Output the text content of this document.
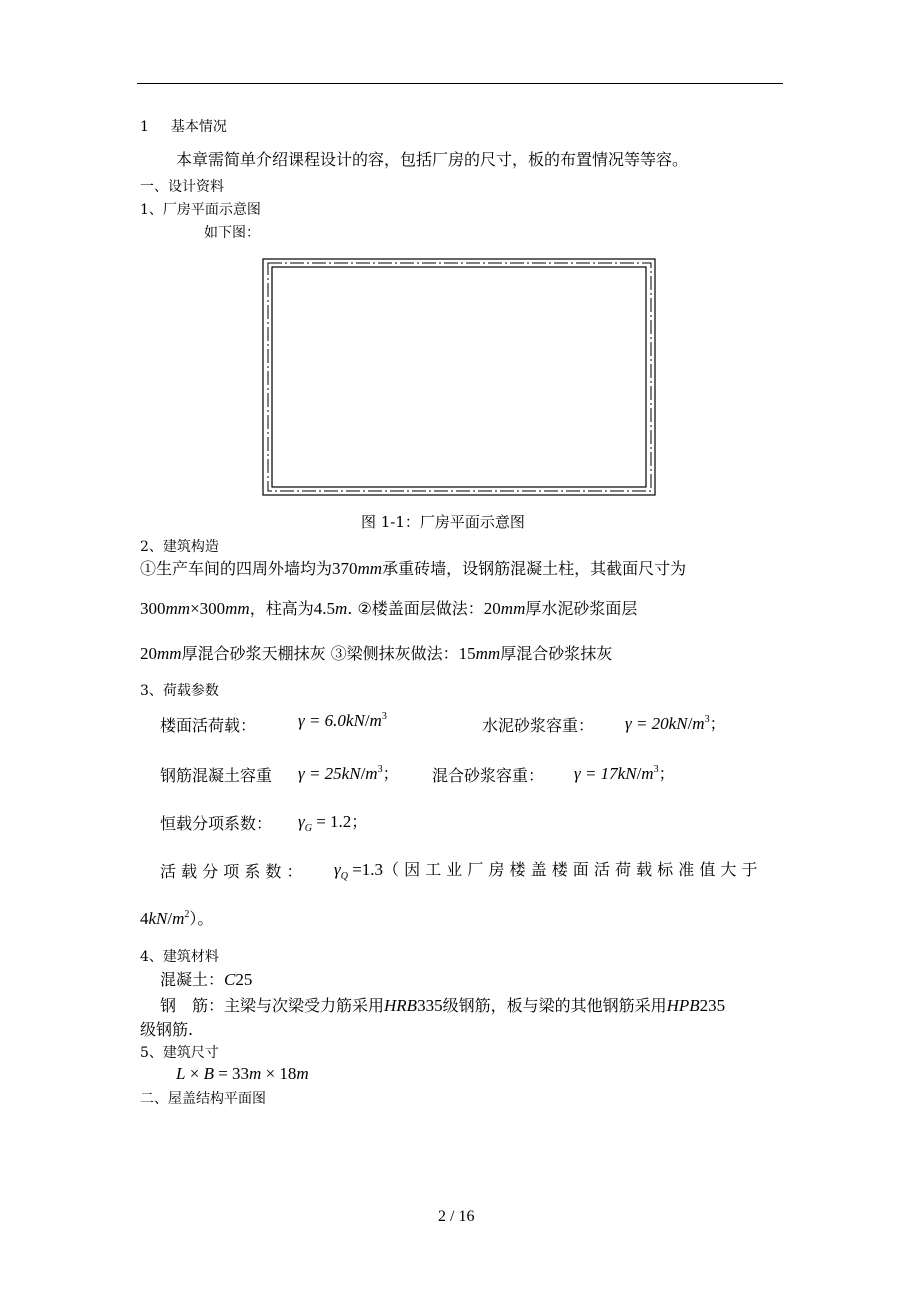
1 基本情况
本章需简单介绍课程设计的容，包括厂房的尺寸，板的布置情况等等容。
一、设计资料
1、厂房平面示意图
如下图：
图 1-1：厂房平面示意图
2、建筑构造
①生产车间的四周外墙均为370mm承重砖墙，设钢筋混凝土柱，其截面尺寸为
300mm×300mm，柱高为4.5m. ②楼盖面层做法：20mm厚水泥砂浆面层
20mm厚混合砂浆天棚抹灰 ③梁侧抹灰做法：15mm厚混合砂浆抹灰
3、荷载参数
楼面活荷载： $\gamma = 6.0kN/m^3$	水泥砂浆容重： $\gamma = 20kN/m^3$；
钢筋混凝土容重 $\gamma = 25kN/m^3$； 混合砂浆容重： $\gamma = 17kN/m^3$；
恒载分项系数： $\gamma_G = 1.2$；
活 载 分 项 系 数 ： $\gamma_Q =1.3$（ 因 工 业 厂 房 楼 盖 楼 面 活 荷 载 标 准 值 大 于
$4kN/m^2$）。
4、建筑材料
混凝土：C25
钢　筋：主梁与次梁受力筋采用HRB335级钢筋，板与梁的其他钢筋采用HPB235
级钢筋.
5、建筑尺寸
L × B = 33m × 18m
二、屋盖结构平面图
2 / 16
